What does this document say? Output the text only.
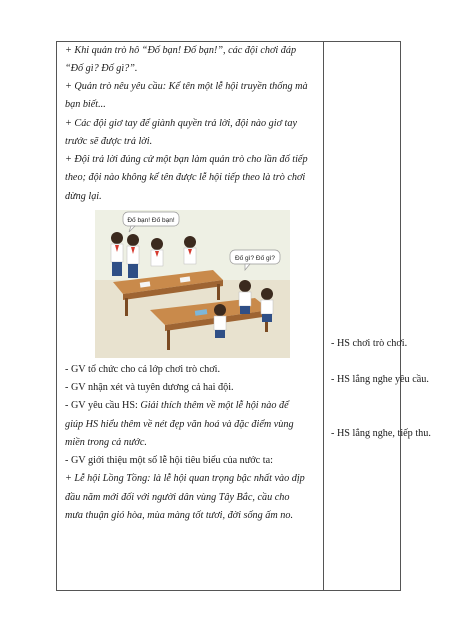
+ Khi quản trò hô “Đố bạn! Đố bạn!”, các đội chơi đáp
“Đố gì? Đố gì?”.
+ Quản trò nêu yêu cầu: Kể tên một lễ hội truyền thống mà
bạn biết...
+ Các đội giơ tay để giành quyền trả lời, đội nào giơ tay
trước sẽ được trả lời.
+ Đội trả lời đúng cử một bạn làm quản trò cho lần đố tiếp
theo; đội nào không kể tên được lễ hội tiếp theo là trò chơi
dừng lại.
- GV tổ chức cho cả lớp chơi trò chơi.
- GV nhận xét và tuyên dương cả hai đội.
- GV yêu cầu HS: Giải thích thêm về một lễ hội nào để
giúp HS hiểu thêm về nét đẹp văn hoá và đặc điểm vùng
miền trong cả nước.
- GV giới thiệu một số lễ hội tiêu biểu của nước ta:
+ Lễ hội Lồng Tồng: là lễ hội quan trọng bậc nhất vào dịp
đầu năm mới đối với người dân vùng Tây Bắc, cầu cho
mưa thuận gió hòa, mùa màng tốt tươi, đời sống ấm no.
- HS chơi trò chơi.
- HS lắng nghe yêu cầu.
- HS lắng nghe, tiếp thu.
Đố bạn! Đố bạn!
Đố gì? Đố gì?
